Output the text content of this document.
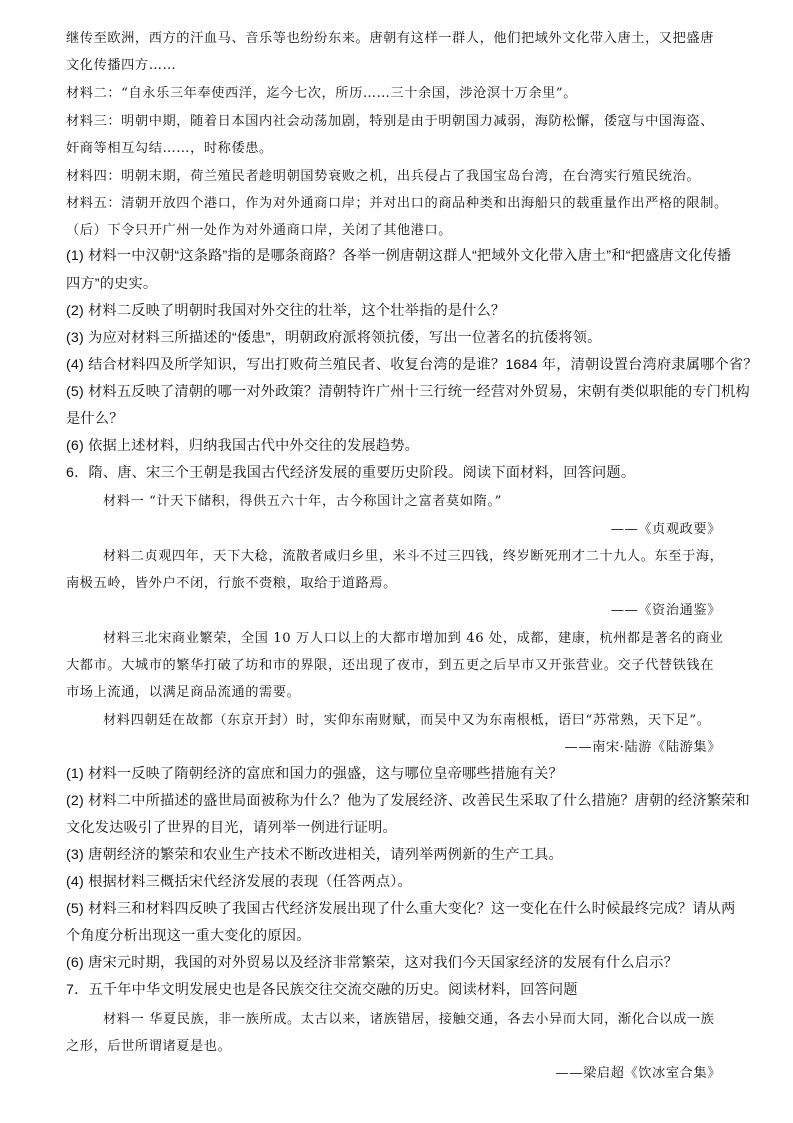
继传至欧洲，西方的汗血马、音乐等也纷纷东来。唐朝有这样一群人，他们把域外文化带入唐土，又把盛唐
文化传播四方……
材料二：“自永乐三年奉使西洋，迄今七次，所历……三十余国，涉沧溟十万余里”。
材料三：明朝中期，随着日本国内社会动荡加剧，特别是由于明朝国力减弱，海防松懈，倭寇与中国海盗、
奸商等相互勾结……，时称倭患。
材料四：明朝末期，荷兰殖民者趁明朝国势衰败之机，出兵侵占了我国宝岛台湾，在台湾实行殖民统治。
材料五：清朝开放四个港口，作为对外通商口岸；并对出口的商品种类和出海船只的载重量作出严格的限制。
（后）下令只开广州一处作为对外通商口岸，关闭了其他港口。
(1) 材料一中汉朝“这条路”指的是哪条商路？各举一例唐朝这群人“把域外文化带入唐土”和“把盛唐文化传播
四方”的史实。
(2) 材料二反映了明朝时我国对外交往的壮举，这个壮举指的是什么？
(3) 为应对材料三所描述的“倭患”，明朝政府派将领抗倭，写出一位著名的抗倭将领。
(4) 结合材料四及所学知识，写出打败荷兰殖民者、收复台湾的是谁？1684 年，清朝设置台湾府隶属哪个省？
(5) 材料五反映了清朝的哪一对外政策？清朝特许广州十三行统一经营对外贸易，宋朝有类似职能的专门机构
是什么？
(6) 依据上述材料，归纳我国古代中外交往的发展趋势。
6．隋、唐、宋三个王朝是我国古代经济发展的重要历史阶段。阅读下面材料，回答问题。
材料一 “计天下储积，得供五六十年，古今称国计之富者莫如隋。”
——《贞观政要》
材料二贞观四年，天下大稔，流散者咸归乡里，米斗不过三四钱，终岁断死刑才二十九人。东至于海，
南极五岭，皆外户不闭，行旅不赍粮，取给于道路焉。
——《资治通鉴》
材料三北宋商业繁荣，全国 10 万人口以上的大都市增加到 46 处，成都，建康，杭州都是著名的商业
大都市。大城市的繁华打破了坊和市的界限，还出现了夜市，到五更之后早市又开张营业。交子代替铁钱在
市场上流通，以满足商品流通的需要。
材料四朝廷在故都（东京开封）时，实仰东南财赋，而吴中又为东南根柢，语曰“苏常熟，天下足”。
——南宋·陆游《陆游集》
(1) 材料一反映了隋朝经济的富庶和国力的强盛，这与哪位皇帝哪些措施有关？
(2) 材料二中所描述的盛世局面被称为什么？他为了发展经济、改善民生采取了什么措施？唐朝的经济繁荣和
文化发达吸引了世界的目光，请列举一例进行证明。
(3) 唐朝经济的繁荣和农业生产技术不断改进相关，请列举两例新的生产工具。
(4) 根据材料三概括宋代经济发展的表现（任答两点）。
(5) 材料三和材料四反映了我国古代经济发展出现了什么重大变化？这一变化在什么时候最终完成？请从两
个角度分析出现这一重大变化的原因。
(6) 唐宋元时期，我国的对外贸易以及经济非常繁荣，这对我们今天国家经济的发展有什么启示？
7．五千年中华文明发展史也是各民族交往交流交融的历史。阅读材料，回答问题
材料一 华夏民族，非一族所成。太古以来，诸族错居，接触交通，各去小异而大同，渐化合以成一族
之形，后世所谓诸夏是也。
——梁启超《饮冰室合集》
